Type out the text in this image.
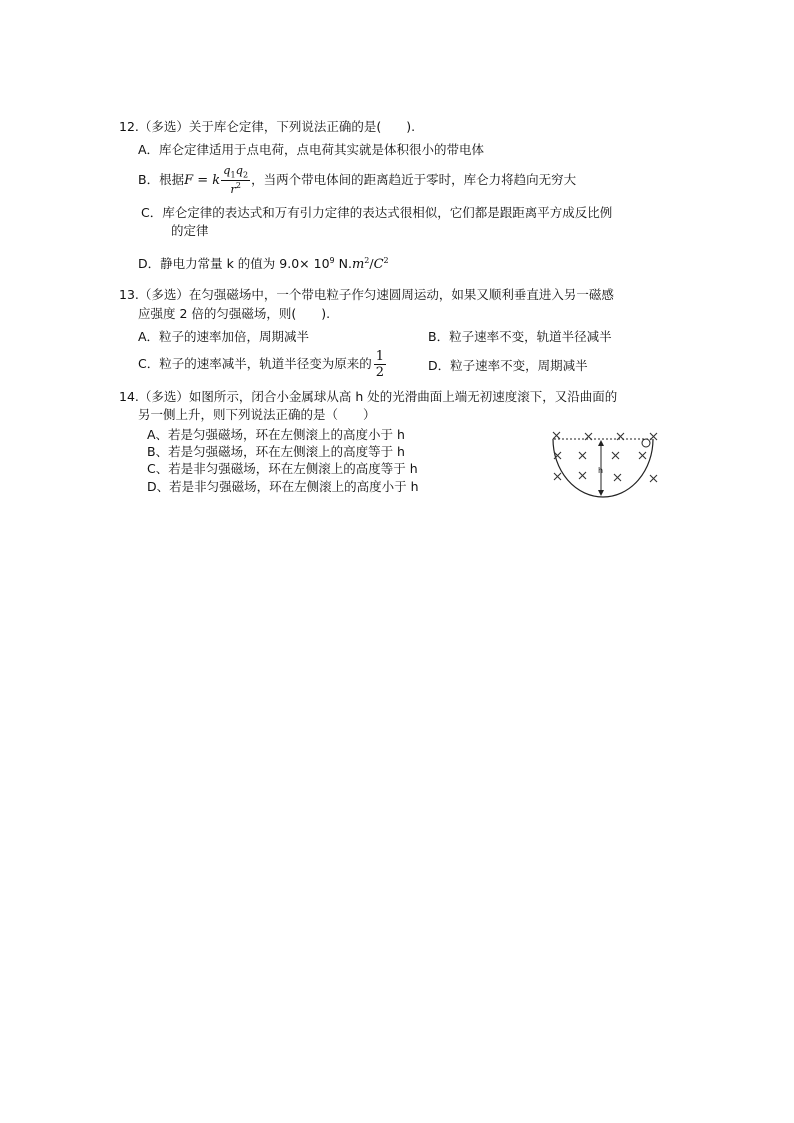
12.（多选）关于库仑定律，下列说法正确的是(　　).
A．库仑定律适用于点电荷，点电荷其实就是体积很小的带电体
B．根据F = k $\frac{q_1q_2}{r^2}$ ，当两个带电体间的距离趋近于零时，库仑力将趋向无穷大
C．库仑定律的表达式和万有引力定律的表达式很相似，它们都是跟距离平方成反比例
的定律
D．静电力常量 k 的值为 $9.0\times 10^9$ $N.m^2/C^2$
13.（多选）在匀强磁场中，一个带电粒子作匀速圆周运动，如果又顺利垂直进入另一磁感
应强度 2 倍的匀强磁场，则(　　).
A．粒子的速率加倍，周期减半	B．粒子速率不变，轨道半径减半
C．粒子的速率减半，轨道半径变为原来的 $\frac{1}{2}$	D．粒子速率不变，周期减半
14.（多选）如图所示，闭合小金属球从高 h 处的光滑曲面上端无初速度滚下，又沿曲面的
另一侧上升，则下列说法正确的是（　　）
A、若是匀强磁场，环在左侧滚上的高度小于 h
B、若是匀强磁场，环在左侧滚上的高度等于 h
C、若是非匀强磁场，环在左侧滚上的高度等于 h
D、若是非匀强磁场，环在左侧滚上的高度小于 h
h
